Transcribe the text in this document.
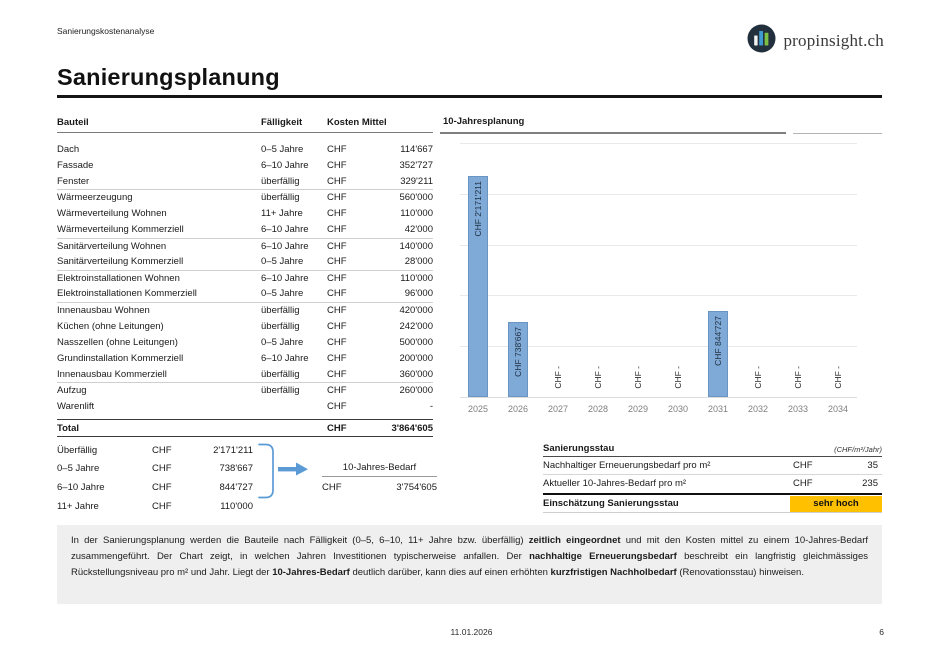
Sanierungskostenanalyse	propinsight.ch
Sanierungsplanung
Bauteil	Fälligkeit	Kosten Mittel
Dach	0–5 Jahre	CHF	114'667
Fassade	6–10 Jahre	CHF	352'727
Fenster	überfällig	CHF	329'211
Wärmeerzeugung	überfällig	CHF	560'000
Wärmeverteilung Wohnen	11+ Jahre	CHF	110'000
Wärmeverteilung Kommerziell	6–10 Jahre	CHF	42'000
Sanitärverteilung Wohnen	6–10 Jahre	CHF	140'000
Sanitärverteilung Kommerziell	0–5 Jahre	CHF	28'000
Elektroinstallationen Wohnen	6–10 Jahre	CHF	110'000
Elektroinstallationen Kommerziell	0–5 Jahre	CHF	96'000
Innenausbau Wohnen	überfällig	CHF	420'000
Küchen (ohne Leitungen)	überfällig	CHF	242'000
Nasszellen (ohne Leitungen)	0–5 Jahre	CHF	500'000
Grundinstallation Kommerziell	6–10 Jahre	CHF	200'000
Innenausbau Kommerziell	überfällig	CHF	360'000
Aufzug	überfällig	CHF	260'000
Warenlift	CHF	-
Total	CHF	3'864'605
Überfällig	CHF	2'171'211
0–5 Jahre	CHF	738'667
6–10 Jahre	CHF	844'727
11+ Jahre	CHF	110'000
10-Jahres-Bedarf
CHF	3'754'605
Sanierungsstau	(CHF/m²/Jahr)
Nachhaltiger Erneuerungsbedarf pro m²	CHF	35
Aktueller 10-Jahres-Bedarf pro m²	CHF	235
Einschätzung Sanierungsstau	sehr hoch
10-Jahresplanung
CHF 2'171'211
2025
CHF 738'667
2026
CHF -
2027
CHF -
2028
CHF -
2029
CHF -
2030
CHF 844'727
2031
CHF -
2032
CHF -
2033
CHF -
2034
In der Sanierungsplanung werden die Bauteile nach Fälligkeit (0–5, 6–10, 11+ Jahre bzw. überfällig) zeitlich eingeordnet und mit den Kosten mittel zu einem 10-Jahres-Bedarf zusammengeführt. Der Chart zeigt, in welchen Jahren Investitionen typischerweise anfallen. Der nachhaltige Erneuerungsbedarf beschreibt ein langfristig gleichmässiges Rückstellungsniveau pro m² und Jahr. Liegt der 10-Jahres-Bedarf deutlich darüber, kann dies auf einen erhöhten kurzfristigen Nachholbedarf (Renovationsstau) hinweisen.
11.01.2026	6
